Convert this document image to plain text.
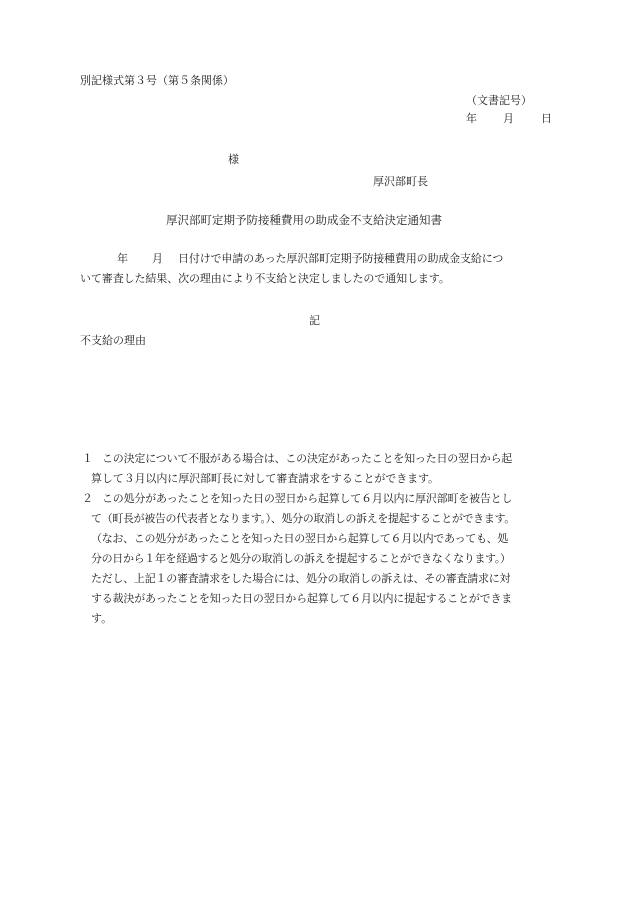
別記様式第３号（第５条関係）
（文書記号）
年 月 日
様
厚沢部町長
厚沢部町定期予防接種費用の助成金不支給決定通知書
年 月 日付けで申請のあった厚沢部町定期予防接種費用の助成金支給につ
いて審査した結果、次の理由により不支給と決定しましたので通知します。
記
不支給の理由
１ この決定について不服がある場合は、この決定があったことを知った日の翌日から起
算して３月以内に厚沢部町長に対して審査請求をすることができます。
２ この処分があったことを知った日の翌日から起算して６月以内に厚沢部町を被告とし
て（町長が被告の代表者となります。）、処分の取消しの訴えを提起することができます。
（なお、この処分があったことを知った日の翌日から起算して６月以内であっても、処
分の日から１年を経過すると処分の取消しの訴えを提起することができなくなります。）
ただし、上記１の審査請求をした場合には、処分の取消しの訴えは、その審査請求に対
する裁決があったことを知った日の翌日から起算して６月以内に提起することができま
す。
